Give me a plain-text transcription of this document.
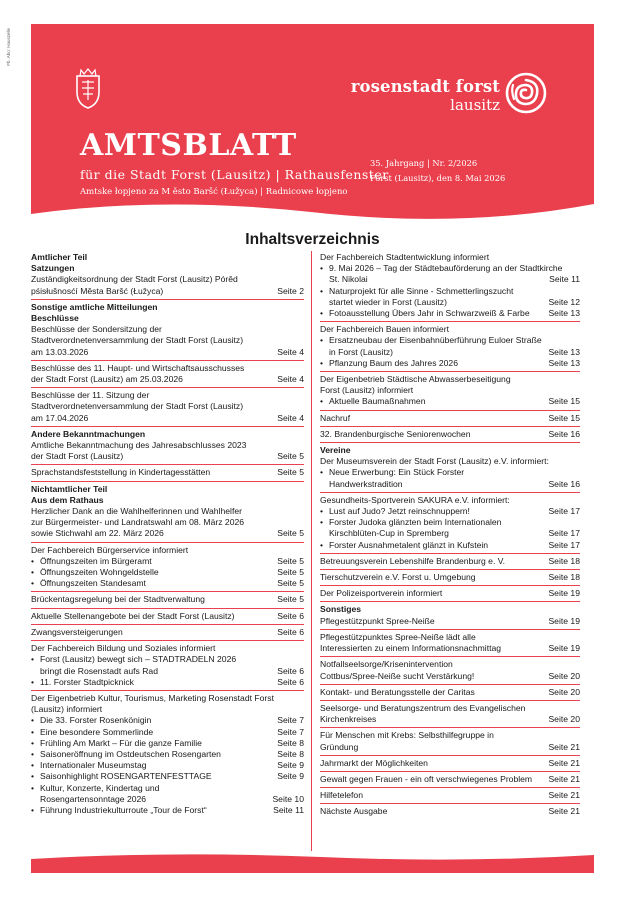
Fb. Abo: Hauszelle
rosenstadt forst
lausitz
AMTSBLATT
für die Stadt Forst (Lausitz) | Rathausfenster
Amtske łopjeno za M ěsto Baršć (Łužyca) | Radnicowe łopjeno
35. Jahrgang | Nr. 2/2026
Forst (Lausitz), den 8. Mai 2026
Inhaltsverzeichnis
Amtlicher Teil
Satzungen
Zuständigkeitsordnung der Stadt Forst (Lausitz) Pórěd
pśisłušnosćí Města Baršć (Łužyca)	Seite 2
Sonstige amtliche Mitteilungen
Beschlüsse
Beschlüsse der Sondersitzung der
Stadtverordnetenversammlung der Stadt Forst (Lausitz)
am 13.03.2026	Seite 4
Beschlüsse des 11. Haupt- und Wirtschaftsausschusses
der Stadt Forst (Lausitz) am 25.03.2026	Seite 4
Beschlüsse der 11. Sitzung der
Stadtverordnetenversammlung der Stadt Forst (Lausitz)
am 17.04.2026	Seite 4
Andere Bekanntmachungen
Amtliche Bekanntmachung des Jahresabschlusses 2023
der Stadt Forst (Lausitz)	Seite 5
Sprachstandsfeststellung in Kindertagesstätten	Seite 5
Nichtamtlicher Teil
Aus dem Rathaus
Herzlicher Dank an die Wahlhelferinnen und Wahlhelfer
zur Bürgermeister- und Landratswahl am 08. März 2026
sowie Stichwahl am 22. März 2026	Seite 5
Der Fachbereich Bürgerservice informiert
• Öffnungszeiten im Bürgeramt	Seite 5
• Öffnungszeiten Wohngeldstelle	Seite 5
• Öffnungszeiten Standesamt	Seite 5
Brückentagsregelung bei der Stadtverwaltung	Seite 5
Aktuelle Stellenangebote bei der Stadt Forst (Lausitz)	Seite 6
Zwangsversteigerungen	Seite 6
Der Fachbereich Bildung und Soziales informiert
• Forst (Lausitz) bewegt sich – STADTRADELN 2026
bringt die Rosenstadt aufs Rad	Seite 6
• 11. Forster Stadtpicknick	Seite 6
Der Eigenbetrieb Kultur, Tourismus, Marketing Rosenstadt Forst
(Lausitz) informiert
• Die 33. Forster Rosenkönigin	Seite 7
• Eine besondere Sommerlinde	Seite 7
• Frühling Am Markt – Für die ganze Familie	Seite 8
• Saisoneröffnung im Ostdeutschen Rosengarten	Seite 8
• Internationaler Museumstag	Seite 9
• Saisonhighlight ROSENGARTENFESTTAGE	Seite 9
• Kultur, Konzerte, Kindertag und
Rosengartensonntage 2026	Seite 10
• Führung Industriekulturroute „Tour de Forst“	Seite 11
Der Fachbereich Stadtentwicklung informiert
• 9. Mai 2026 – Tag der Städtebauförderung an der Stadtkirche
St. Nikolai	Seite 11
• Naturprojekt für alle Sinne - Schmetterlingszucht
startet wieder in Forst (Lausitz)	Seite 12
• Fotoausstellung Übers Jahr in Schwarzweiß & Farbe	Seite 13
Der Fachbereich Bauen informiert
• Ersatzneubau der Eisenbahnüberführung Euloer Straße
in Forst (Lausitz)	Seite 13
• Pflanzung Baum des Jahres 2026	Seite 13
Der Eigenbetrieb Städtische Abwasserbeseitigung
Forst (Lausitz) informiert
• Aktuelle Baumaßnahmen	Seite 15
Nachruf	Seite 15
32. Brandenburgische Seniorenwochen	Seite 16
Vereine
Der Museumsverein der Stadt Forst (Lausitz) e.V. informiert:
• Neue Erwerbung: Ein Stück Forster
Handwerkstradition	Seite 16
Gesundheits-Sportverein SAKURA e.V. informiert:
• Lust auf Judo? Jetzt reinschnuppern!	Seite 17
• Forster Judoka glänzten beim Internationalen
Kirschblüten-Cup in Spremberg	Seite 17
• Forster Ausnahmetalent glänzt in Kufstein	Seite 17
Betreuungsverein Lebenshilfe Brandenburg e. V.	Seite 18
Tierschutzverein e.V. Forst u. Umgebung	Seite 18
Der Polizeisportverein informiert	Seite 19
Sonstiges
Pflegestützpunkt Spree-Neiße	Seite 19
Pflegestützpunktes Spree-Neiße lädt alle
Interessierten zu einem Informationsnachmittag	Seite 19
Notfallseelsorge/Krisenintervention
Cottbus/Spree-Neiße sucht Verstärkung!	Seite 20
Kontakt- und Beratungsstelle der Caritas	Seite 20
Seelsorge- und Beratungszentrum des Evangelischen
Kirchenkreises	Seite 20
Für Menschen mit Krebs: Selbsthilfegruppe in
Gründung	Seite 21
Jahrmarkt der Möglichkeiten	Seite 21
Gewalt gegen Frauen - ein oft verschwiegenes Problem	Seite 21
Hilfetelefon	Seite 21
Nächste Ausgabe	Seite 21
